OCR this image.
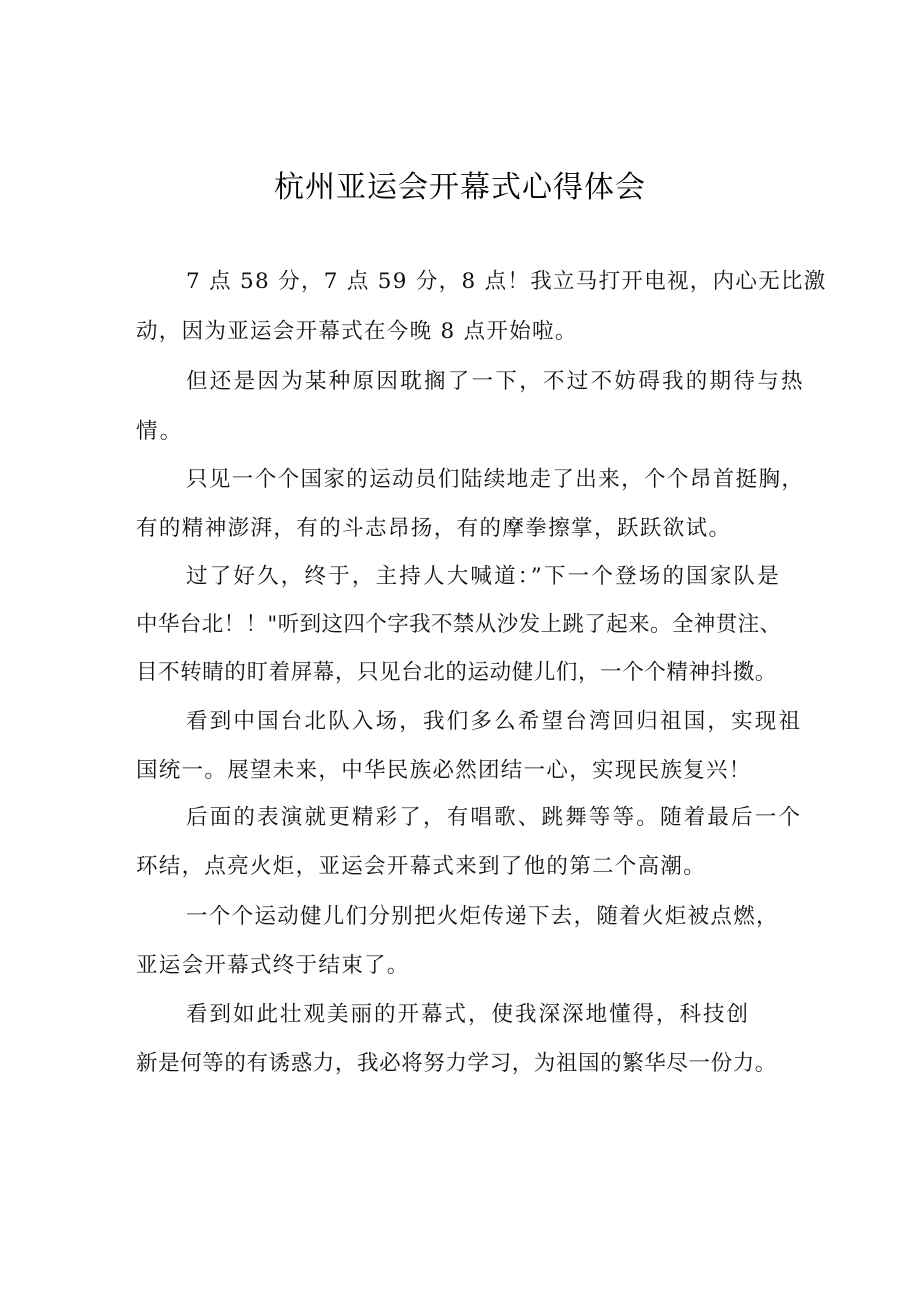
杭州亚运会开幕式心得体会
7 点 58 分，7 点 59 分，8 点！我立马打开电视，内心无比激
动，因为亚运会开幕式在今晚 8 点开始啦。
但还是因为某种原因耽搁了一下，不过不妨碍我的期待与热
情。
只见一个个国家的运动员们陆续地走了出来，个个昂首挺胸，
有的精神澎湃，有的斗志昂扬，有的摩拳擦掌，跃跃欲试。
过了好久，终于，主持人大喊道：”下一个登场的国家队是
中华台北！！"听到这四个字我不禁从沙发上跳了起来。全神贯注、
目不转睛的盯着屏幕，只见台北的运动健儿们，一个个精神抖擞。
看到中国台北队入场，我们多么希望台湾回归祖国，实现祖
国统一。展望未来，中华民族必然团结一心，实现民族复兴！
后面的表演就更精彩了，有唱歌、跳舞等等。随着最后一个
环结，点亮火炬，亚运会开幕式来到了他的第二个高潮。
一个个运动健儿们分别把火炬传递下去，随着火炬被点燃，
亚运会开幕式终于结束了。
看到如此壮观美丽的开幕式，使我深深地懂得，科技创
新是何等的有诱惑力，我必将努力学习，为祖国的繁华尽一份力。
